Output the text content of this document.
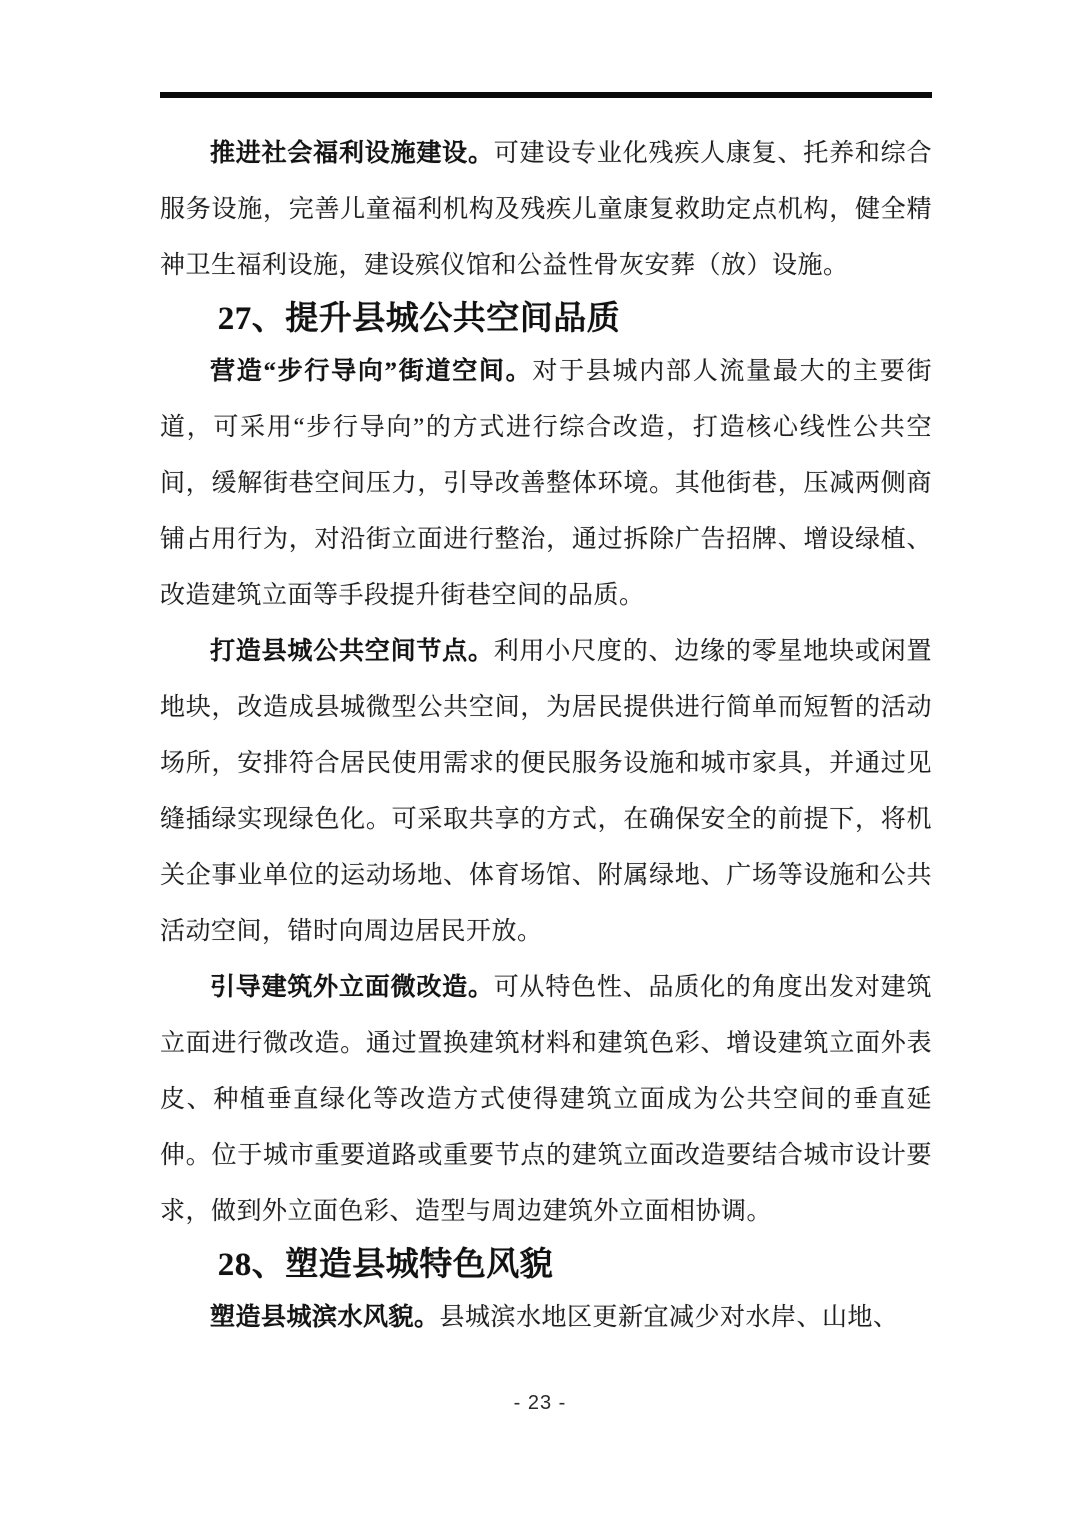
推进社会福利设施建设。可建设专业化残疾人康复、托养和综合服务设施，完善儿童福利机构及残疾儿童康复救助定点机构，健全精神卫生福利设施，建设殡仪馆和公益性骨灰安葬（放）设施。

27、提升县城公共空间品质

营造“步行导向”街道空间。对于县城内部人流量最大的主要街道，可采用“步行导向”的方式进行综合改造，打造核心线性公共空间，缓解街巷空间压力，引导改善整体环境。其他街巷，压减两侧商铺占用行为，对沿街立面进行整治，通过拆除广告招牌、增设绿植、改造建筑立面等手段提升街巷空间的品质。

打造县城公共空间节点。利用小尺度的、边缘的零星地块或闲置地块，改造成县城微型公共空间，为居民提供进行简单而短暂的活动场所，安排符合居民使用需求的便民服务设施和城市家具，并通过见缝插绿实现绿色化。可采取共享的方式，在确保安全的前提下，将机关企事业单位的运动场地、体育场馆、附属绿地、广场等设施和公共活动空间，错时向周边居民开放。

引导建筑外立面微改造。可从特色性、品质化的角度出发对建筑立面进行微改造。通过置换建筑材料和建筑色彩、增设建筑立面外表皮、种植垂直绿化等改造方式使得建筑立面成为公共空间的垂直延伸。位于城市重要道路或重要节点的建筑立面改造要结合城市设计要求，做到外立面色彩、造型与周边建筑外立面相协调。

28、塑造县城特色风貌

塑造县城滨水风貌。县城滨水地区更新宜减少对水岸、山地、

- 23 -
